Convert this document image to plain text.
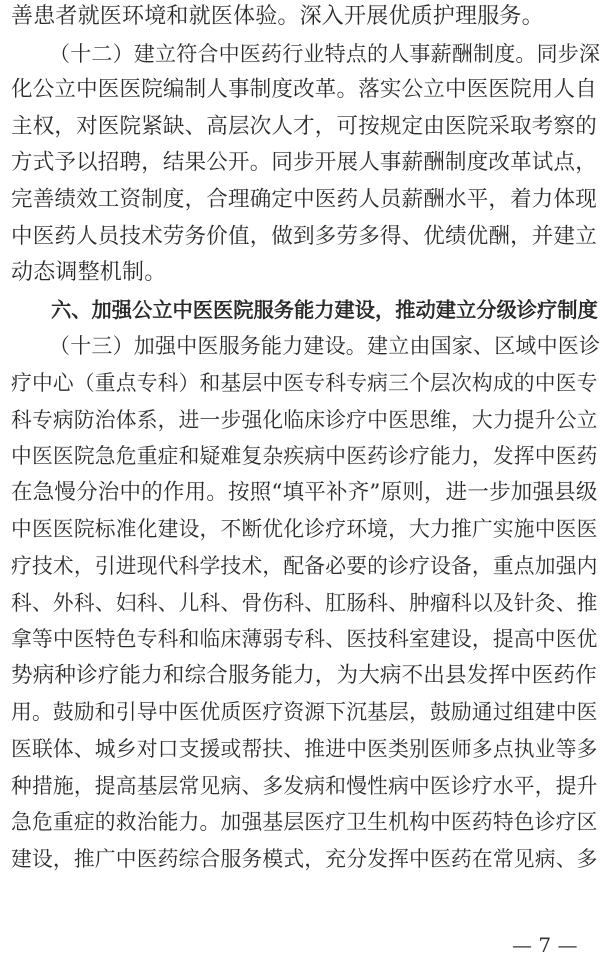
善患者就医环境和就医体验。深入开展优质护理服务。
（十二）建立符合中医药行业特点的人事薪酬制度。同步深
化公立中医医院编制人事制度改革。落实公立中医医院用人自
主权，对医院紧缺、高层次人才，可按规定由医院采取考察的
方式予以招聘，结果公开。同步开展人事薪酬制度改革试点，
完善绩效工资制度，合理确定中医药人员薪酬水平，着力体现
中医药人员技术劳务价值，做到多劳多得、优绩优酬，并建立
动态调整机制。
六、加强公立中医医院服务能力建设，推动建立分级诊疗制度
（十三）加强中医服务能力建设。建立由国家、区域中医诊
疗中心（重点专科）和基层中医专科专病三个层次构成的中医专
科专病防治体系，进一步强化临床诊疗中医思维，大力提升公立
中医医院急危重症和疑难复杂疾病中医药诊疗能力，发挥中医药
在急慢分治中的作用。按照“填平补齐”原则，进一步加强县级
中医医院标准化建设，不断优化诊疗环境，大力推广实施中医医
疗技术，引进现代科学技术，配备必要的诊疗设备，重点加强内
科、外科、妇科、儿科、骨伤科、肛肠科、肿瘤科以及针灸、推
拿等中医特色专科和临床薄弱专科、医技科室建设，提高中医优
势病种诊疗能力和综合服务能力，为大病不出县发挥中医药作
用。鼓励和引导中医优质医疗资源下沉基层，鼓励通过组建中医
医联体、城乡对口支援或帮扶、推进中医类别医师多点执业等多
种措施，提高基层常见病、多发病和慢性病中医诊疗水平，提升
急危重症的救治能力。加强基层医疗卫生机构中医药特色诊疗区
建设，推广中医药综合服务模式，充分发挥中医药在常见病、多
— 7 —
